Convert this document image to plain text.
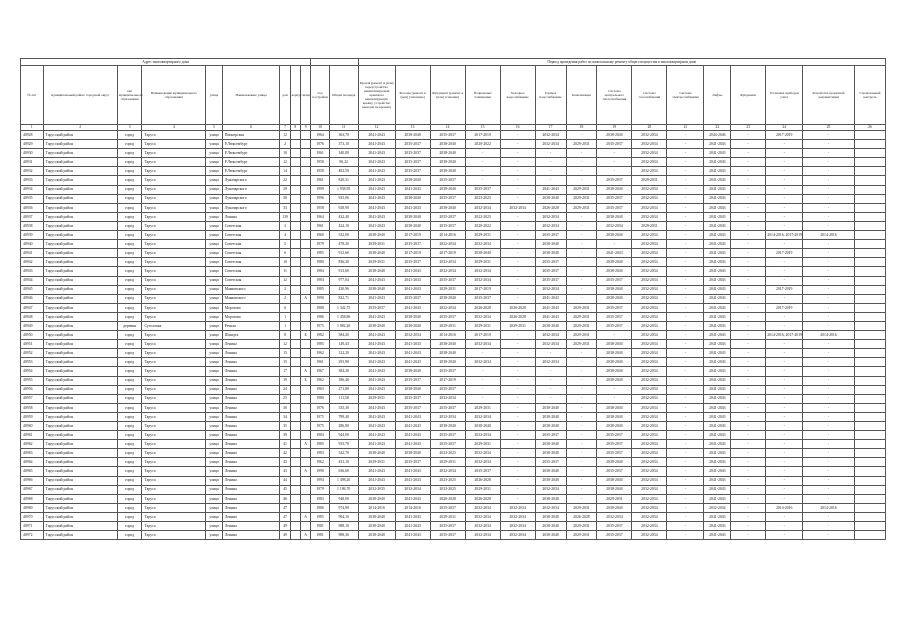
Адрес многоквартирного дома											Период проведения работ по капитальному ремонту общего имущества в многоквартирном доме														
№ п/п	муниципальный район/ городской округ	тип муниципального образования	Наименование муниципального образования	улица	Наименование улицы	дом	корпус	литер	Год постройки	Общая площадь	Кровля (ремонт и (или) переустройство невентилируемой крыши на вентилируемую крышу, устройство выходов на кровлю)	Фасады (ремонт и (или) утепление)	Фундамент (ремонт и (или) усиление)	Подвальные помещения	Холодное водоснабжение	Горячее водоснабжение	Канализация	Система центрального теплоснабжения	Система газоснабжения	Система электроснабжения	Лифты	Фундамент	Установка приборов учета	Разработка проектной документации	Строительный контроль
1	2	3	4	5	6	7	8	9	10	11	12	13	14	15	16	17	18	19	20	21	22	23	24	25	26
40928	Тарусский район	город	Таруса	улица	Пионерская	12			1964	363,70	2041-2043	2038-2040	2035-2037	2017-2019	-	2032-2034	-	2038-2040	2032-2034	-	2044-2046	-	2017-2019	-	
40929	Тарусский район	город	Таруса	улица	Р.Люксембург	2			1976	373,10	2041-2043	2035-2037	2038-2040	2020-2022	-	2032-2034	2029-2031	2035-2037	2032-2034	-	2041-2043	-	-	-	
40930	Тарусский район	город	Таруса	улица	Р.Люксембург	10			1961	340,80	2041-2043	2035-2037	2038-2040	-	-	-	-	-	2032-2034	-	2041-2043	-	-	-	
40931	Тарусский район	город	Таруса	улица	Р.Люксембург	12			1958	96,22	2041-2043	2035-2037	2038-2040	-	-	-	-	-	2032-2034	-	2041-2043	-	-	-	
40932	Тарусский район	город	Таруса	улица	Р.Люксембург	14			1958	482,50	2041-2043	2035-2037	2038-2040	-	-	-	-	-	2032-2034	-	2041-2043	-	-	-	
40933	Тарусский район	город	Таруса	улица	Луначарского	22			1961	820,31	2041-2043	2038-2040	2035-2037	-	-	-	-	2035-2037	2029-2031	-	2041-2043	-	-	-	
40934	Тарусский район	город	Таруса	улица	Луначарского	29			1999	1 938,95	2041-2043	2041-2043	2038-2040	2035-2037	-	2041-2043	2029-2031	2038-2040	2032-2034	-	2041-2043	-	-	-	
40935	Тарусский район	город	Таруса	улица	Луначарского	30			1996	935,06	2041-2043	2038-2040	2035-2037	2023-2025	-	2038-2040	2029-2031	2035-2037	2032-2034	-	2041-2043	-	-	-	
40936	Тарусский район	город	Таруса	улица	Луначарского	33			1958	928,90	2041-2043	2041-2043	2038-2040	2032-2034	2032-2034	2026-2028	2029-2031	2035-2037	2032-2034	-	2041-2043	-	-	-	
40937	Тарусский район	город	Таруса	улица	Ленина	139			1964	432,40	2041-2043	2038-2040	2035-2037	2022-2025	-	2032-2034	-	2038-2040	2032-2034	-	2041-2043	-	-	-	
40938	Тарусский район	город	Таруса	улица	Советская	3			1961	424,10	2041-2043	2038-2040	2035-2037	2020-2022	-	2032-2034	-	2032-2034	2029-2031	-	2041-2043	-	-	-	
40939	Тарусский район	город	Таруса	улица	Советская	4			1960	532,00	2038-2040	2017-2019	2014-2016	2029-2031	-	2035-2037	-	2038-2040	2032-2034	-	2041-2043	-	2014-2016, 2017-2019	2014-2016	
40940	Тарусский район	город	Таруса	улица	Советская	5			1979	478,20	2029-2031	2035-2037	2032-2034	2032-2034	-	2038-2040	-	-	2032-2034	-	2041-2043	-	-	-	
40941	Тарусский район	город	Таруса	улица	Советская	6			1985	912,60	2038-2040	2017-2019	2017-2019	2038-2040	-	2038-2040	-	2041-2043	2032-2034	-	2041-2043	-	2017-2019	-	
40942	Тарусский район	город	Таруса	улица	Советская	10			1980	836,30	2029-2031	2035-2037	2032-2034	2029-2031	-	2035-2037	-	2038-2040	2032-2034	-	2041-2043	-	-	-	
40943	Тарусский район	город	Таруса	улица	Советская	11			1984	913,60	2038-2040	2041-2043	2032-2034	2032-2034	-	2035-2037	-	2038-2040	2032-2034	-	2041-2043	-	-	-	
40944	Тарусский район	город	Таруса	улица	Советская	12			1984	977,04	2041-2043	2041-2043	2035-2037	2032-2034	-	2035-2037	-	2035-2037	2032-2034	-	2041-2043	-	-	-	
40945	Тарусский район	город	Таруса	улица	Маяковского	2			1985	430,96	2038-2040	2041-2043	2029-2031	2017-2019	-	2032-2034	-	2038-2040	2032-2034	-	2041-2043	-	2017-2019	-	
40946	Тарусский район	город	Таруса	улица	Маяковского	2		А	1990	822,71	2041-2043	2035-2037	2038-2040	2035-2037	-	2041-2043	-	2038-2040	2032-2034	-	2041-2043	-	-	-	
40947	Тарусский район	город	Таруса	улица	Морозова	6			1988	1 342,75	2035-2037	2041-2043	2032-2034	2026-2028	2026-2028	2041-2043	2029-2031	2035-2037	2032-2034	-	2041-2043	-	2017-2019	-	
40948	Тарусский район	город	Таруса	улица	Морозова	1			1986	1 458,86	2041-2043	2038-2040	2035-2037	2032-2034	2026-2028	2041-2043	2029-2031	2035-2037	2032-2034	-	2041-2043	-	-	-	
40949	Тарусский район	деревня	Сутоловка	улица	Речная	1			1975	1 082,20	2038-2040	2038-2040	2029-2031	2029-2031	2029-2031	2038-2040	2029-2031	2035-2037	2032-2034	-	2041-2043	-	-	-	
40950	Тарусский район	город	Таруса	улица	Шмидта	8		Б	1982	584,20	2041-2043	2032-2034	2014-2016	2017-2019	-	2032-2034	2029-2031	-	2032-2034	-	2041-2043	-	2014-2016, 2017-2019	2014-2016	
40951	Тарусский район	город	Таруса	улица	Ленина	12			1985	149,43	2041-2043	2041-2043	2038-2040	2032-2034	-	2032-2034	2029-2031	2038-2040	2032-2034	-	2041-2043	-	-	-	
40952	Тарусский район	город	Таруса	улица	Ленина	13			1962	122,20	2041-2043	2041-2043	2038-2040	-	-	-	-	2038-2040	2032-2034	-	2041-2043	-	-	-	
40953	Тарусский район	город	Таруса	улица	Ленина	15			1961	293,90	2041-2043	2041-2043	2038-2040	2032-2034	-	2032-2034	-	2038-2040	2032-2034	-	2041-2043	-	-	-	
40954	Тарусский район	город	Таруса	улица	Ленина	17		А	1967	384,20	2041-2043	2038-2040	2035-2037	-	-	-	-	2038-2040	2032-2034	-	2041-2043	-	-	-	
40955	Тарусский район	город	Таруса	улица	Ленина	19		Б	1962	386,40	2041-2043	2035-2037	2017-2019	-	-	-	-	2038-2040	2032-2034	-	2041-2043	-	-	-	
40956	Тарусский район	город	Таруса	улица	Ленина	24			1963	271,80	2041-2043	2038-2040	2035-2037	-	-	-	-	-	2032-2034	-	2041-2043	-	-	-	
40957	Тарусский район	город	Таруса	улица	Ленина	25			1980	111,58	2029-2031	2035-2037	2032-2034	-	-	-	-	-	2032-2034	-	2041-2043	-	-	-	
40958	Тарусский район	город	Таруса	улица	Ленина	30			1976	535,30	2041-2043	2035-2037	2035-2037	2029-2031	-	2038-2040	-	2038-2040	2032-2034	-	2041-2043	-	-	-	
40959	Тарусский район	город	Таруса	улица	Ленина	34			1975	789,40	2041-2043	2041-2043	2032-2034	2032-2034	-	2038-2040	-	2038-2040	2032-2034	-	2041-2043	-	-	-	
40960	Тарусский район	город	Таруса	улица	Ленина	35			1975	286,80	2041-2043	2041-2043	2038-2040	2038-2040	-	2038-2040	-	2038-2040	2032-2034	-	2041-2043	-	-	-	
40961	Тарусский район	город	Таруса	улица	Ленина	39			1984	944,00	2041-2043	2041-2043	2035-2037	2032-2034	-	2035-2037	-	2035-2037	2032-2034	-	2041-2043	-	-	-	
40962	Тарусский район	город	Таруса	улица	Ленина	41		А	1985	933,70	2041-2043	2041-2043	2035-2037	2029-2031	-	2038-2040	-	2035-2037	2032-2034	-	2041-2043	-	-	-	
40963	Тарусский район	город	Таруса	улица	Ленина	42			1983	542,70	2038-2040	2038-2040	2023-2025	2032-2034	-	2038-2040	-	2035-2037	2032-2034	-	2041-2043	-	-	-	
40964	Тарусский район	город	Таруса	улица	Ленина	43			1962	431,10	2029-2031	2035-2037	2029-2031	2032-2034	-	2035-2037	-	2038-2040	2032-2034	-	2041-2043	-	-	-	
40965	Тарусский район	город	Таруса	улица	Ленина	43		А	1990	636,60	2041-2043	2041-2043	2032-2034	2035-2037	-	2038-2040	-	2035-2037	2032-2034	-	2041-2043	-	-	-	
40966	Тарусский район	город	Таруса	улица	Ленина	44			1994	1 498,20	2041-2043	2041-2043	2023-2025	2026-2028	-	2038-2040	-	2038-2040	2032-2034	-	2041-2043	-	-	-	
40967	Тарусский район	город	Таруса	улица	Ленина	45			1979	1 186,70	2032-2035	2032-2034	2023-2025	2029-2031	-	2032-2034	-	2038-2040	2032-2034	-	2041-2043	-	-	-	
40968	Тарусский район	город	Таруса	улица	Ленина	46			1983	948,00	2038-2040	2041-2043	2026-2028	2026-2028	-	2038-2040	-	2029-2031	2032-2034	-	2041-2043	-	-	-	
40969	Тарусский район	город	Таруса	улица	Ленина	47			1986	974,90	2014-2016	2014-2016	2035-2037	2032-2034	2032-2034	2032-2034	2029-2031	2038-2040	2032-2034	-	2032-2034	-	2014-2016	2014-2016	
40970	Тарусский район	город	Таруса	улица	Ленина	47		А	1985	994,10	2038-2040	2041-2043	2029-2031	2032-2034	2032-2034	2038-2040	2026-2028	2032-2034	2032-2034	-	2041-2043	-	-	-	
40971	Тарусский район	город	Таруса	улица	Ленина	49			1981	988,10	2038-2040	2041-2043	2035-2037	2032-2034	2032-2034	2038-2040	2029-2031	2035-2037	2032-2034	-	2041-2043	-	-	-	
40972	Тарусский район	город	Таруса	улица	Ленина	49		А	1981	988,30	2038-2040	2041-2043	2035-2037	2032-2034	2032-2034	2038-2040	2029-2031	2035-2037	2032-2034	-	2041-2043	-	-	-	
